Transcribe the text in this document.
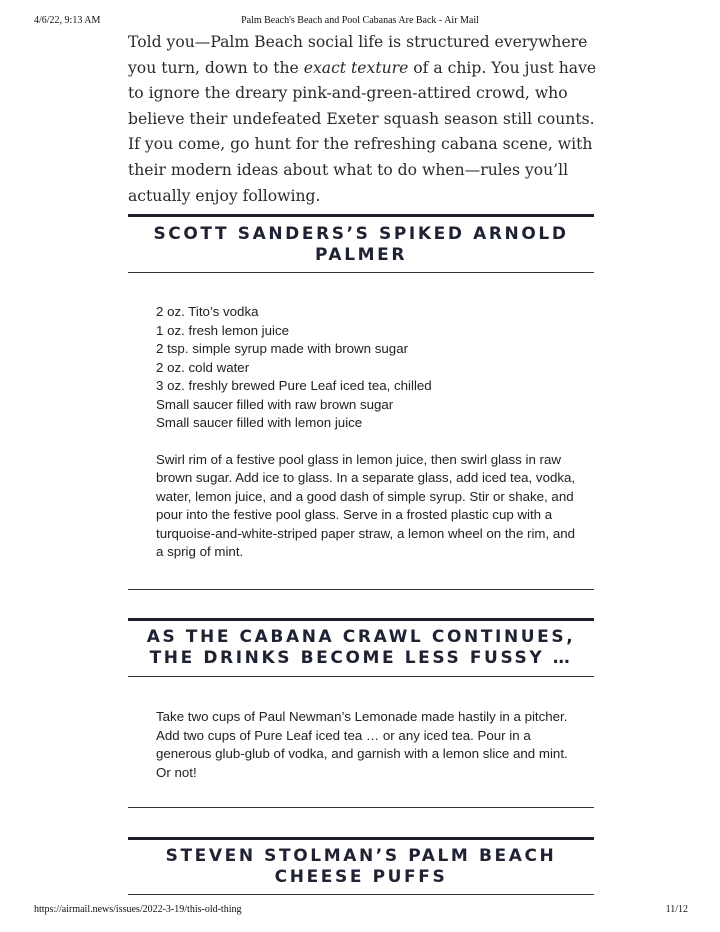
4/6/22, 9:13 AM	Palm Beach's Beach and Pool Cabanas Are Back - Air Mail

Told you—Palm Beach social life is structured everywhere you turn, down to the exact texture of a chip. You just have to ignore the dreary pink-and-green-attired crowd, who believe their undefeated Exeter squash season still counts. If you come, go hunt for the refreshing cabana scene, with their modern ideas about what to do when—rules you’ll actually enjoy following.

SCOTT SANDERS’S SPIKED ARNOLD PALMER
2 oz. Tito’s vodka
1 oz. fresh lemon juice
2 tsp. simple syrup made with brown sugar
2 oz. cold water
3 oz. freshly brewed Pure Leaf iced tea, chilled
Small saucer filled with raw brown sugar
Small saucer filled with lemon juice

Swirl rim of a festive pool glass in lemon juice, then swirl glass in raw brown sugar. Add ice to glass. In a separate glass, add iced tea, vodka, water, lemon juice, and a good dash of simple syrup. Stir or shake, and pour into the festive pool glass. Serve in a frosted plastic cup with a turquoise-and-white-striped paper straw, a lemon wheel on the rim, and a sprig of mint.

AS THE CABANA CRAWL CONTINUES, THE DRINKS BECOME LESS FUSSY …

Take two cups of Paul Newman’s Lemonade made hastily in a pitcher. Add two cups of Pure Leaf iced tea … or any iced tea. Pour in a generous glub-glub of vodka, and garnish with a lemon slice and mint. Or not!

STEVEN STOLMAN’S PALM BEACH CHEESE PUFFS
https://airmail.news/issues/2022-3-19/this-old-thing	11/12
